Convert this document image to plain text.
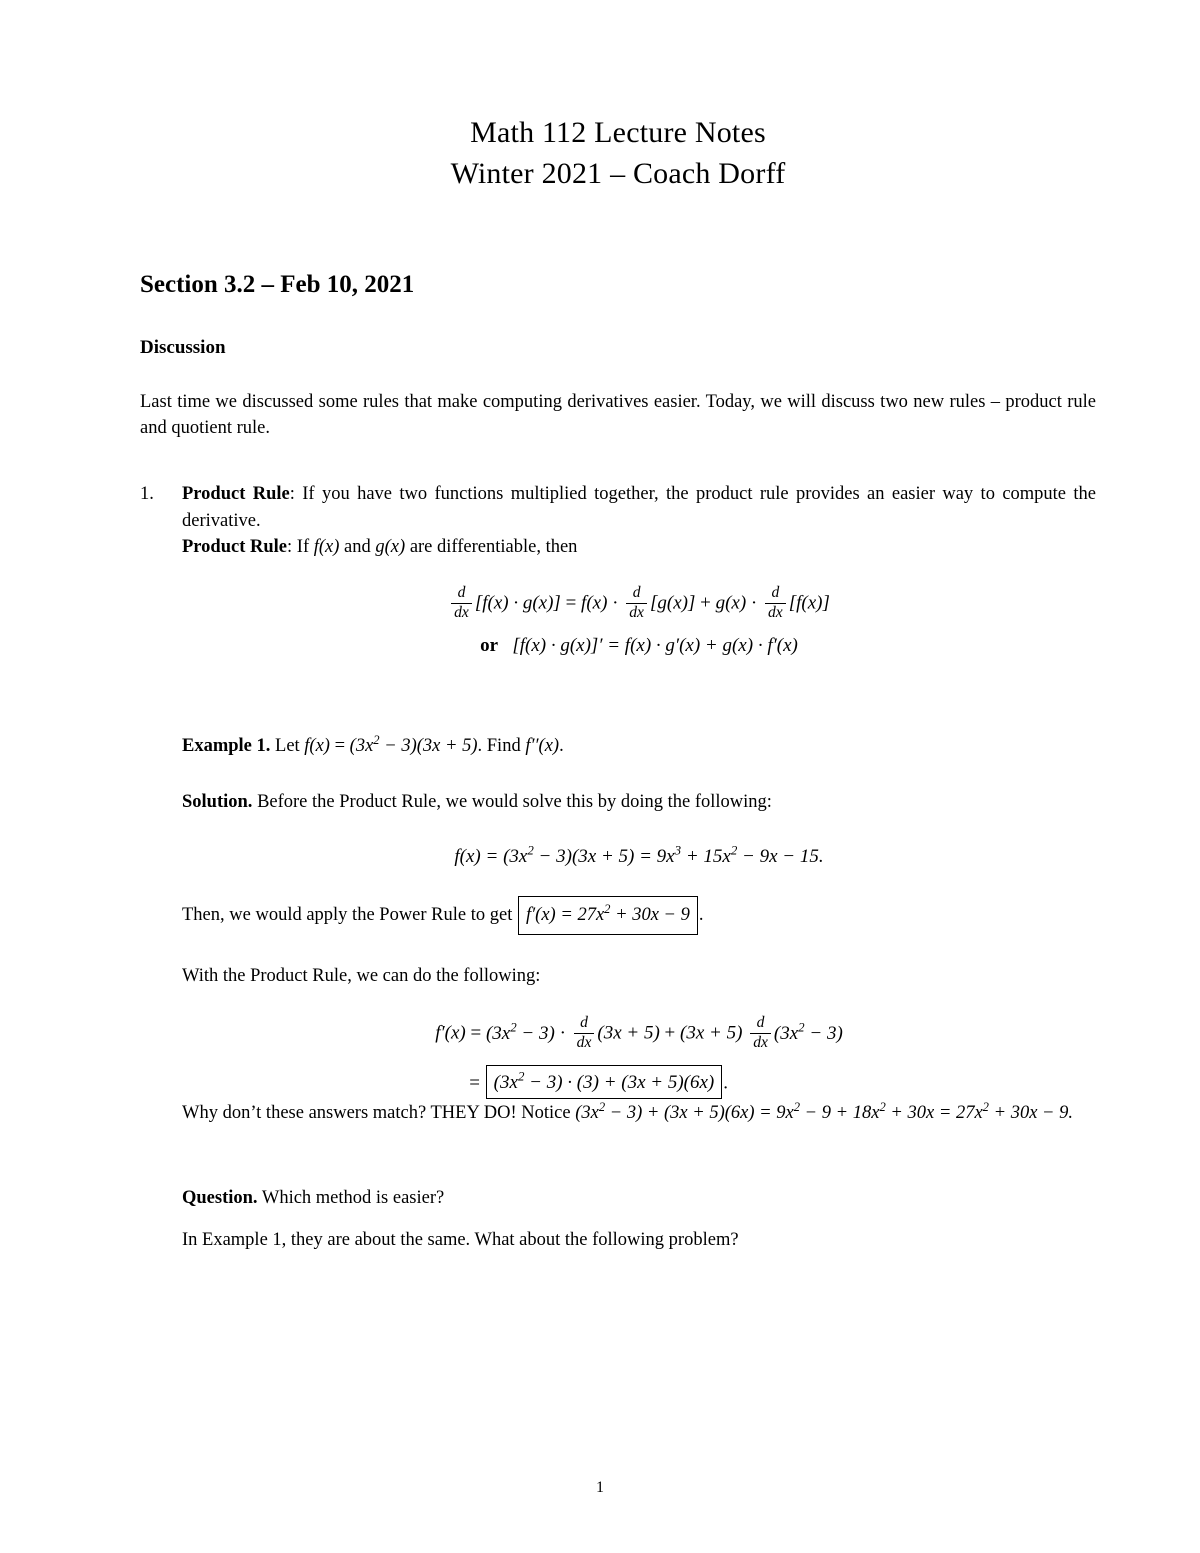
Math 112 Lecture Notes
Winter 2021 – Coach Dorff
Section 3.2 – Feb 10, 2021
Discussion
Last time we discussed some rules that make computing derivatives easier. Today, we will discuss two new rules – product rule and quotient rule.
1.	Product Rule: If you have two functions multiplied together, the product rule provides an easier way to compute the derivative.
Product Rule: If f(x) and g(x) are differentiable, then
$\frac{d}{dx} [f(x) \cdot g(x)] = f(x) \cdot \frac{d}{dx} [g(x)] + g(x) \cdot \frac{d}{dx} [f(x)]$
or [f(x) · g(x)]′ = f(x) · g′(x) + g(x) · f′(x)
Example 1. Let $f(x) = (3x^2 - 3)(3x + 5)$. Find f′′(x).
Solution. Before the Product Rule, we would solve this by doing the following:
$f(x) = (3x^2 - 3)(3x + 5) = 9x^3 + 15x^2 - 9x - 15$.
Then, we would apply the Power Rule to get $f'(x) = 27x^2 + 30x - 9$ .
With the Product Rule, we can do the following:
$f'(x) = (3x^2 - 3) \cdot \frac{d}{dx} (3x + 5) + (3x + 5) \frac{d}{dx} (3x^2 - 3)$
= $(3x^2 - 3) \cdot (3) + (3x + 5)(6x)$ .
Why don’t these answers match? THEY DO! Notice $(3x^2 - 3) + (3x + 5)(6x) = 9x^2 - 9 + 18x^2 + 30x = 27x^2 + 30x - 9$.
Question. Which method is easier?
In Example 1, they are about the same. What about the following problem?
1
